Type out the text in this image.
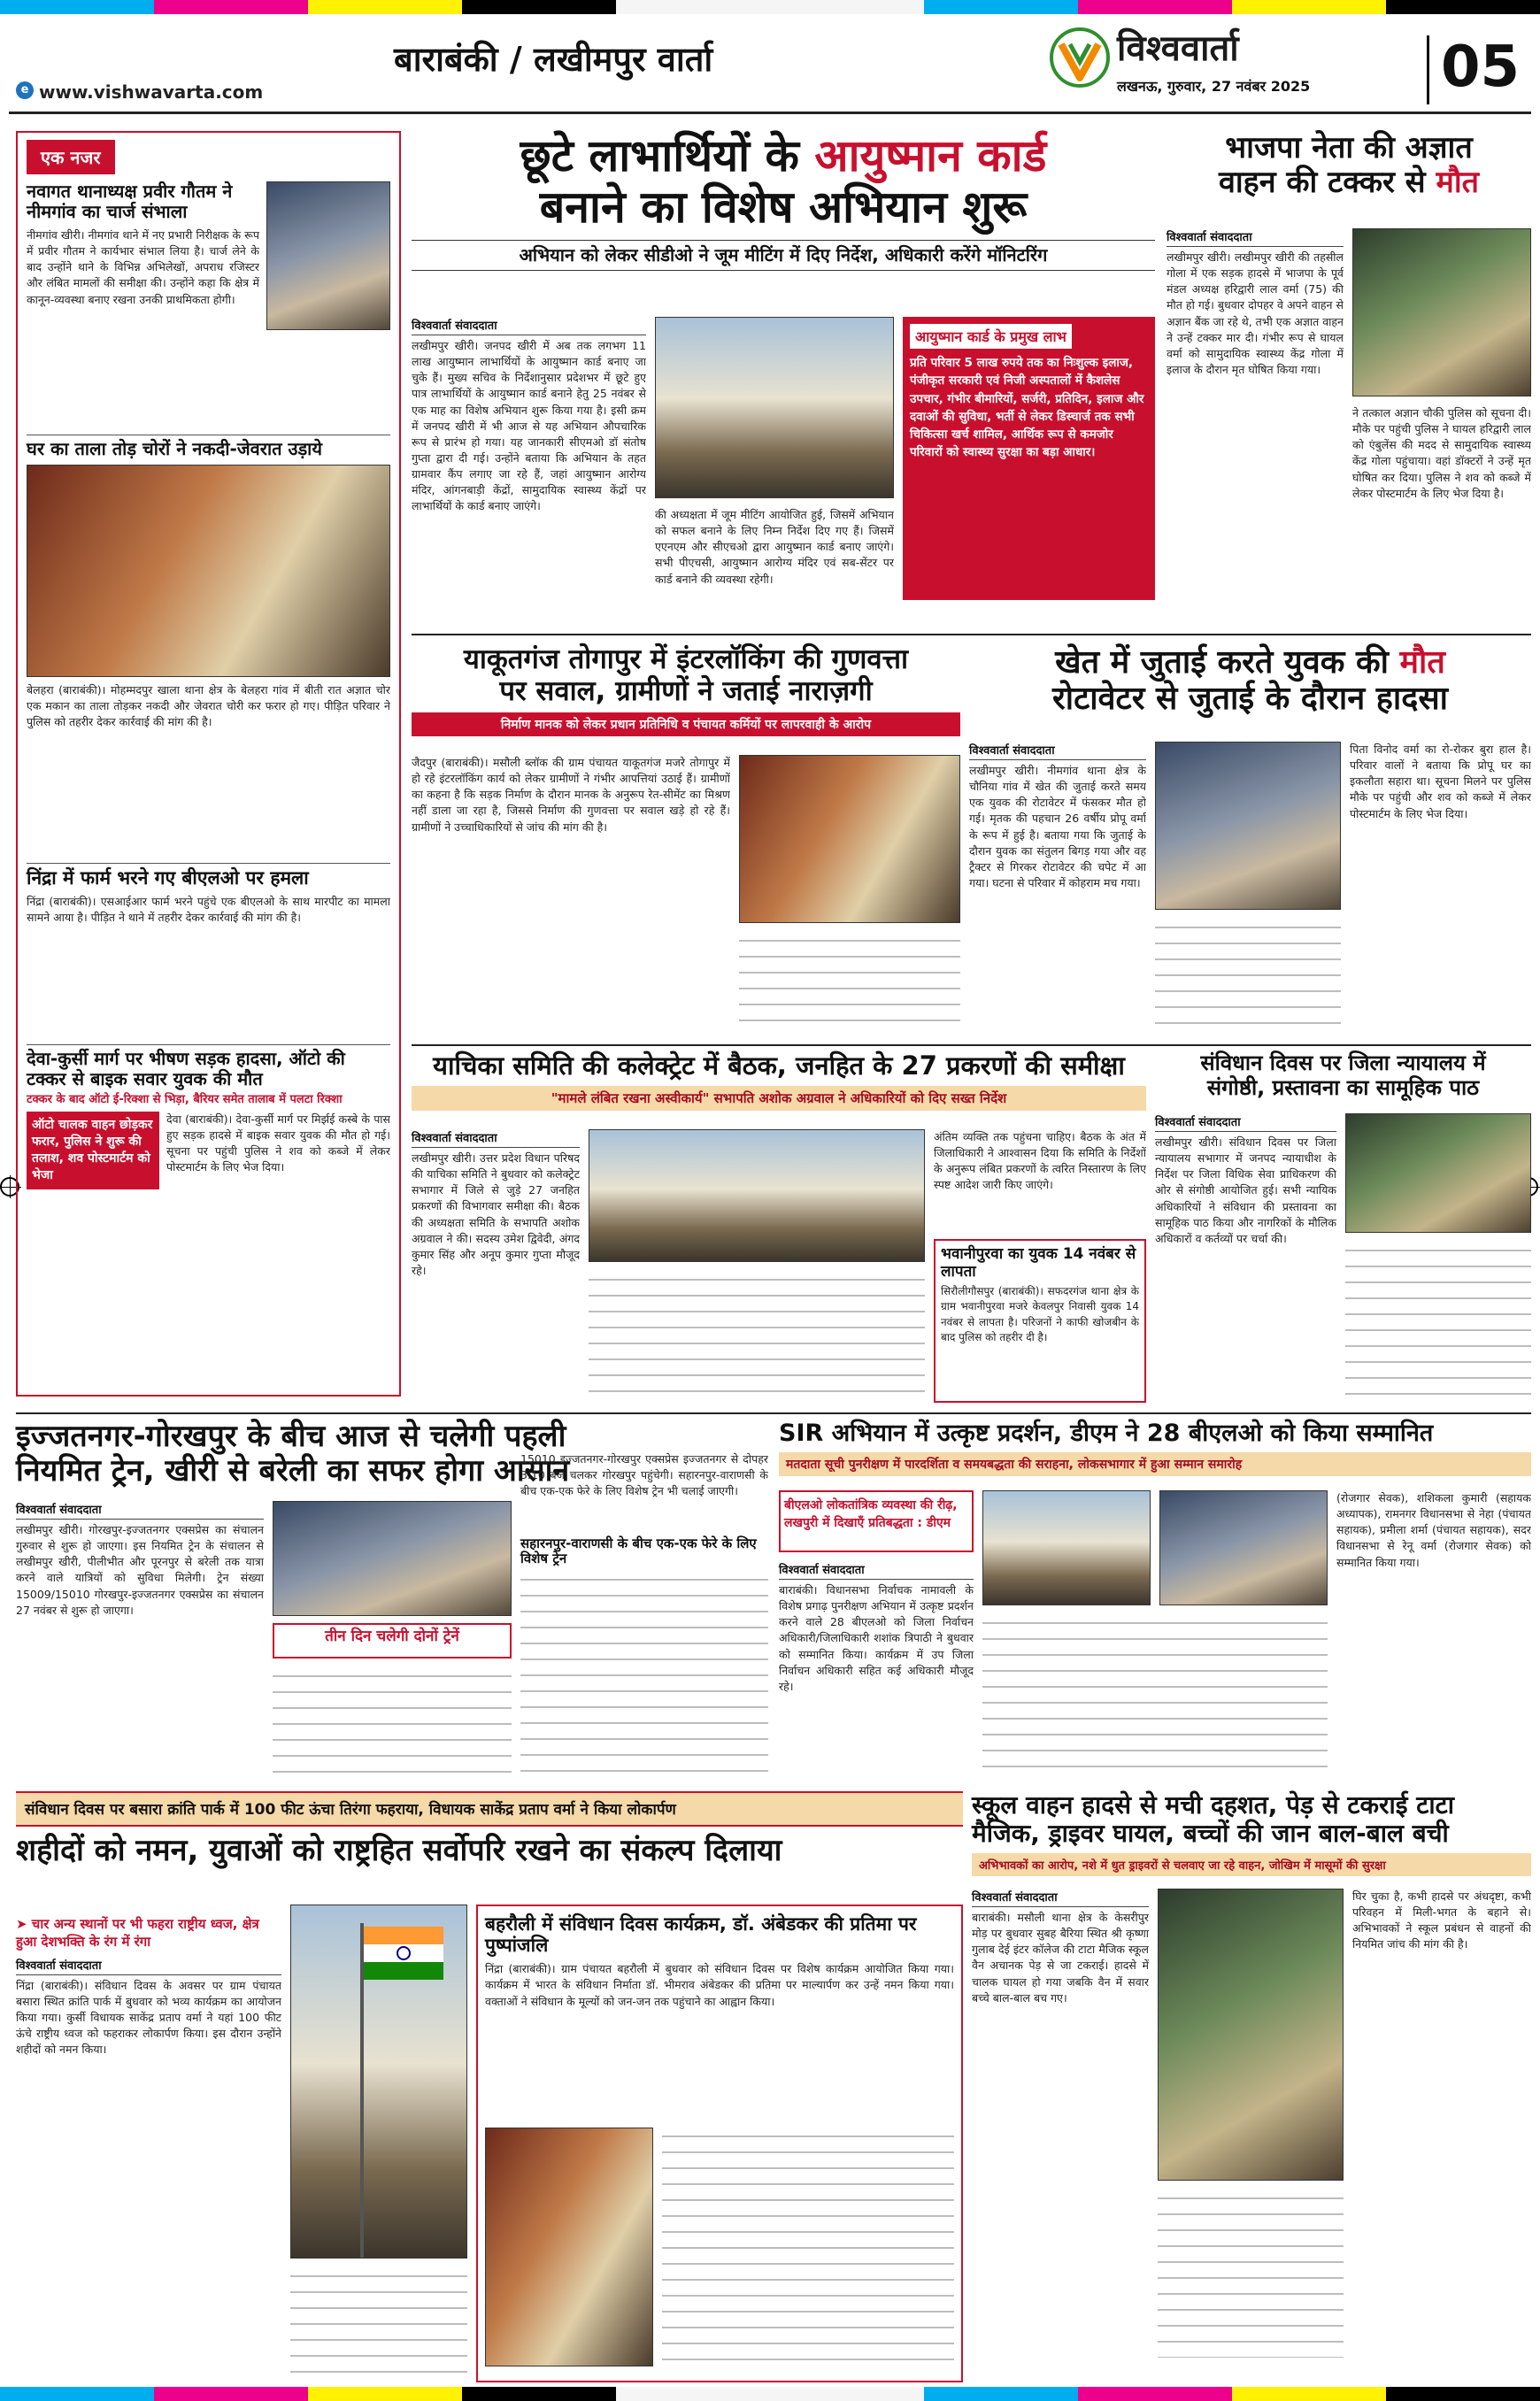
बाराबंकी / लखीमपुर वार्ता
e www.vishwavarta.com
विश्ववार्ता
लखनऊ, गुरुवार, 27 नवंबर 2025 05
एक नजर
नवागत थानाध्यक्ष प्रवीर गौतम ने नीमगांव का चार्ज संभाला
नीमगांव खीरी। नीमगांव थाने में नए प्रभारी निरीक्षक के रूप में प्रवीर गौतम ने कार्यभार संभाल लिया है। चार्ज लेने के बाद उन्होंने थाने के विभिन्न अभिलेखों, अपराध रजिस्टर और लंबित मामलों की समीक्षा की। उन्होंने कहा कि क्षेत्र में कानून-व्यवस्था बनाए रखना उनकी प्राथमिकता होगी।
घर का ताला तोड़ चोरों ने नकदी-जेवरात उड़ाये
बेलहरा (बाराबंकी)। मोहम्मदपुर खाला थाना क्षेत्र के बेलहरा गांव में बीती रात अज्ञात चोर एक मकान का ताला तोड़कर नकदी और जेवरात चोरी कर फरार हो गए। पीड़ित परिवार ने पुलिस को तहरीर देकर कार्रवाई की मांग की है।
निंद्रा में फार्म भरने गए बीएलओ पर हमला
निंद्रा (बाराबंकी)। एसआईआर फार्म भरने पहुंचे एक बीएलओ के साथ मारपीट का मामला सामने आया है। पीड़ित ने थाने में तहरीर देकर कार्रवाई की मांग की है।
देवा-कुर्सी मार्ग पर भीषण सड़क हादसा, ऑटो की टक्कर से बाइक सवार युवक की मौत
टक्कर के बाद ऑटो ई-रिक्शा से भिड़ा, बैरियर समेत तालाब में पलटा रिक्शा
ऑटो चालक वाहन छोड़कर फरार, पुलिस ने शुरू की तलाश, शव पोस्टमार्टम को भेजा
देवा (बाराबंकी)। देवा-कुर्सी मार्ग पर मिर्झई कस्बे के पास हुए सड़क हादसे में बाइक सवार युवक की मौत हो गई। सूचना पर पहुंची पुलिस ने शव को कब्जे में लेकर पोस्टमार्टम के लिए भेज दिया।
छूटे लाभार्थियों के आयुष्मान कार्ड
बनाने का विशेष अभियान शुरू
अभियान को लेकर सीडीओ ने जूम मीटिंग में दिए निर्देश, अधिकारी करेंगे मॉनिटरिंग
विश्ववार्ता संवाददाता
लखीमपुर खीरी। जनपद खीरी में अब तक लगभग 11 लाख आयुष्मान लाभार्थियों के आयुष्मान कार्ड बनाए जा चुके हैं। मुख्य सचिव के निर्देशानुसार प्रदेशभर में छूटे हुए पात्र लाभार्थियों के आयुष्मान कार्ड बनाने हेतु 25 नवंबर से एक माह का विशेष अभियान शुरू किया गया है। इसी क्रम में जनपद खीरी में भी आज से यह अभियान औपचारिक रूप से प्रारंभ हो गया। यह जानकारी सीएमओ डॉ संतोष गुप्ता द्वारा दी गई। उन्होंने बताया कि अभियान के तहत ग्रामवार कैंप लगाए जा रहे हैं, जहां आयुष्मान आरोग्य मंदिर, आंगनबाड़ी केंद्रों, सामुदायिक स्वास्थ्य केंद्रों पर लाभार्थियों के कार्ड बनाए जाएंगे।
की अध्यक्षता में जूम मीटिंग आयोजित हुई, जिसमें अभियान को सफल बनाने के लिए निम्न निर्देश दिए गए हैं। जिसमें एएनएम और सीएचओ द्वारा आयुष्मान कार्ड बनाए जाएंगे। सभी पीएचसी, आयुष्मान आरोग्य मंदिर एवं सब-सेंटर पर कार्ड बनाने की व्यवस्था रहेगी।
आयुष्मान कार्ड के प्रमुख लाभ
प्रति परिवार 5 लाख रुपये तक का निःशुल्क इलाज, पंजीकृत सरकारी एवं निजी अस्पतालों में कैशलेस उपचार, गंभीर बीमारियों, सर्जरी, प्रतिदिन, इलाज और दवाओं की सुविधा, भर्ती से लेकर डिस्चार्ज तक सभी चिकित्सा खर्च शामिल, आर्थिक रूप से कमजोर परिवारों को स्वास्थ्य सुरक्षा का बड़ा आधार।
भाजपा नेता की अज्ञात
वाहन की टक्कर से मौत
विश्ववार्ता संवाददाता
लखीमपुर खीरी। लखीमपुर खीरी की तहसील गोला में एक सड़क हादसे में भाजपा के पूर्व मंडल अध्यक्ष हरिद्वारी लाल वर्मा (75) की मौत हो गई। बुधवार दोपहर वे अपने वाहन से अज्ञान बैंक जा रहे थे, तभी एक अज्ञात वाहन ने उन्हें टक्कर मार दी। गंभीर रूप से घायल वर्मा को सामुदायिक स्वास्थ्य केंद्र गोला में इलाज के दौरान मृत घोषित किया गया।
ने तत्काल अज्ञान चौकी पुलिस को सूचना दी। मौके पर पहुंची पुलिस ने घायल हरिद्वारी लाल को एंबुलेंस की मदद से सामुदायिक स्वास्थ्य केंद्र गोला पहुंचाया। वहां डॉक्टरों ने उन्हें मृत घोषित कर दिया। पुलिस ने शव को कब्जे में लेकर पोस्टमार्टम के लिए भेज दिया है।
याकूतगंज तोगापुर में इंटरलॉकिंग की गुणवत्ता
पर सवाल, ग्रामीणों ने जताई नाराज़गी
निर्माण मानक को लेकर प्रधान प्रतिनिधि व पंचायत कर्मियों पर लापरवाही के आरोप
जैदपुर (बाराबंकी)। मसौली ब्लॉक की ग्राम पंचायत याकूतगंज मजरे तोगापुर में हो रहे इंटरलॉकिंग कार्य को लेकर ग्रामीणों ने गंभीर आपत्तियां उठाई हैं। ग्रामीणों का कहना है कि सड़क निर्माण के दौरान मानक के अनुरूप रेत-सीमेंट का मिश्रण नहीं डाला जा रहा है, जिससे निर्माण की गुणवत्ता पर सवाल खड़े हो रहे हैं। ग्रामीणों ने उच्चाधिकारियों से जांच की मांग की है।
खेत में जुताई करते युवक की मौत
रोटावेटर से जुताई के दौरान हादसा
विश्ववार्ता संवाददाता
लखीमपुर खीरी। नीमगांव थाना क्षेत्र के चौनिया गांव में खेत की जुताई करते समय एक युवक की रोटावेटर में फंसकर मौत हो गई। मृतक की पहचान 26 वर्षीय प्रोपू वर्मा के रूप में हुई है। बताया गया कि जुताई के दौरान युवक का संतुलन बिगड़ गया और वह ट्रैक्टर से गिरकर रोटावेटर की चपेट में आ गया। घटना से परिवार में कोहराम मच गया।
पिता विनोद वर्मा का रो-रोकर बुरा हाल है। परिवार वालों ने बताया कि प्रोपू घर का इकलौता सहारा था। सूचना मिलने पर पुलिस मौके पर पहुंची और शव को कब्जे में लेकर पोस्टमार्टम के लिए भेज दिया।
याचिका समिति की कलेक्ट्रेट में बैठक, जनहित के 27 प्रकरणों की समीक्षा
"मामले लंबित रखना अस्वीकार्य" सभापति अशोक अग्रवाल ने अधिकारियों को दिए सख्त निर्देश
विश्ववार्ता संवाददाता
लखीमपुर खीरी। उत्तर प्रदेश विधान परिषद की याचिका समिति ने बुधवार को कलेक्ट्रेट सभागार में जिले से जुड़े 27 जनहित प्रकरणों की विभागवार समीक्षा की। बैठक की अध्यक्षता समिति के सभापति अशोक अग्रवाल ने की। सदस्य उमेश द्विवेदी, अंगद कुमार सिंह और अनूप कुमार गुप्ता मौजूद रहे।
अंतिम व्यक्ति तक पहुंचना चाहिए। बैठक के अंत में जिलाधिकारी ने आश्वासन दिया कि समिति के निर्देशों के अनुरूप लंबित प्रकरणों के त्वरित निस्तारण के लिए स्पष्ट आदेश जारी किए जाएंगे।
भवानीपुरवा का युवक 14 नवंबर से लापता
सिरौलीगौसपुर (बाराबंकी)। सफदरगंज थाना क्षेत्र के ग्राम भवानीपुरवा मजरे केवलपुर निवासी युवक 14 नवंबर से लापता है। परिजनों ने काफी खोजबीन के बाद पुलिस को तहरीर दी है।
संविधान दिवस पर जिला न्यायालय में
संगोष्ठी, प्रस्तावना का सामूहिक पाठ
विश्ववार्ता संवाददाता
लखीमपुर खीरी। संविधान दिवस पर जिला न्यायालय सभागार में जनपद न्यायाधीश के निर्देश पर जिला विधिक सेवा प्राधिकरण की ओर से संगोष्ठी आयोजित हुई। सभी न्यायिक अधिकारियों ने संविधान की प्रस्तावना का सामूहिक पाठ किया और नागरिकों के मौलिक अधिकारों व कर्तव्यों पर चर्चा की।
इज्जतनगर-गोरखपुर के बीच आज से चलेगी पहली
नियमित ट्रेन, खीरी से बरेली का सफर होगा आसान
विश्ववार्ता संवाददाता
लखीमपुर खीरी। गोरखपुर-इज्जतनगर एक्सप्रेस का संचालन गुरुवार से शुरू हो जाएगा। इस नियमित ट्रेन के संचालन से लखीमपुर खीरी, पीलीभीत और पूरनपुर से बरेली तक यात्रा करने वाले यात्रियों को सुविधा मिलेगी। ट्रेन संख्या 15009/15010 गोरखपुर-इज्जतनगर एक्सप्रेस का संचालन 27 नवंबर से शुरू हो जाएगा।
तीन दिन चलेगी दोनों ट्रेनें
15010 इज्जतनगर-गोरखपुर एक्सप्रेस इज्जतनगर से दोपहर 3.10 बजे चलकर गोरखपुर पहुंचेगी। सहारनपुर-वाराणसी के बीच एक-एक फेरे के लिए विशेष ट्रेन भी चलाई जाएगी।
सहारनपुर-वाराणसी के बीच एक-एक फेरे के लिए विशेष ट्रेन
SIR अभियान में उत्कृष्ट प्रदर्शन, डीएम ने 28 बीएलओ को किया सम्मानित
मतदाता सूची पुनरीक्षण में पारदर्शिता व समयबद्धता की सराहना, लोकसभागार में हुआ सम्मान समारोह
बीएलओ लोकतांत्रिक व्यवस्था की रीढ़, लखपुरी में दिखाएँ प्रतिबद्धता : डीएम
विश्ववार्ता संवाददाता
बाराबंकी। विधानसभा निर्वाचक नामावली के विशेष प्रगाढ़ पुनरीक्षण अभियान में उत्कृष्ट प्रदर्शन करने वाले 28 बीएलओ को जिला निर्वाचन अधिकारी/जिलाधिकारी शशांक त्रिपाठी ने बुधवार को सम्मानित किया। कार्यक्रम में उप जिला निर्वाचन अधिकारी सहित कई अधिकारी मौजूद रहे।
(रोजगार सेवक), शशिकला कुमारी (सहायक अध्यापक), रामनगर विधानसभा से नेहा (पंचायत सहायक), प्रमीला शर्मा (पंचायत सहायक), सदर विधानसभा से रेनू वर्मा (रोजगार सेवक) को सम्मानित किया गया।
संविधान दिवस पर बसारा क्रांति पार्क में 100 फीट ऊंचा तिरंगा फहराया, विधायक साकेंद्र प्रताप वर्मा ने किया लोकार्पण
शहीदों को नमन, युवाओं को राष्ट्रहित सर्वोपरि रखने का संकल्प दिलाया
➤ चार अन्य स्थानों पर भी फहरा राष्ट्रीय ध्वज, क्षेत्र हुआ देशभक्ति के रंग में रंगा
विश्ववार्ता संवाददाता
निंद्रा (बाराबंकी)। संविधान दिवस के अवसर पर ग्राम पंचायत बसारा स्थित क्रांति पार्क में बुधवार को भव्य कार्यक्रम का आयोजन किया गया। कुर्सी विधायक साकेंद्र प्रताप वर्मा ने यहां 100 फीट ऊंचे राष्ट्रीय ध्वज को फहराकर लोकार्पण किया। इस दौरान उन्होंने शहीदों को नमन किया।
बहरौली में संविधान दिवस कार्यक्रम, डॉ. अंबेडकर की प्रतिमा पर पुष्पांजलि
निंद्रा (बाराबंकी)। ग्राम पंचायत बहरौली में बुधवार को संविधान दिवस पर विशेष कार्यक्रम आयोजित किया गया। कार्यक्रम में भारत के संविधान निर्माता डॉ. भीमराव अंबेडकर की प्रतिमा पर माल्यार्पण कर उन्हें नमन किया गया। वक्ताओं ने संविधान के मूल्यों को जन-जन तक पहुंचाने का आह्वान किया।
स्कूल वाहन हादसे से मची दहशत, पेड़ से टकराई टाटा
मैजिक, ड्राइवर घायल, बच्चों की जान बाल-बाल बची
अभिभावकों का आरोप, नशे में धुत ड्राइवरों से चलवाए जा रहे वाहन, जोखिम में मासूमों की सुरक्षा
विश्ववार्ता संवाददाता
बाराबंकी। मसौली थाना क्षेत्र के केसरीपुर मोड़ पर बुधवार सुबह बैरिया स्थित श्री कृष्णा गुलाब देई इंटर कॉलेज की टाटा मैजिक स्कूल वैन अचानक पेड़ से जा टकराई। हादसे में चालक घायल हो गया जबकि वैन में सवार बच्चे बाल-बाल बच गए।
घिर चुका है, कभी हादसे पर अंधदृष्टा, कभी परिवहन में मिली-भगत के बहाने से। अभिभावकों ने स्कूल प्रबंधन से वाहनों की नियमित जांच की मांग की है।
